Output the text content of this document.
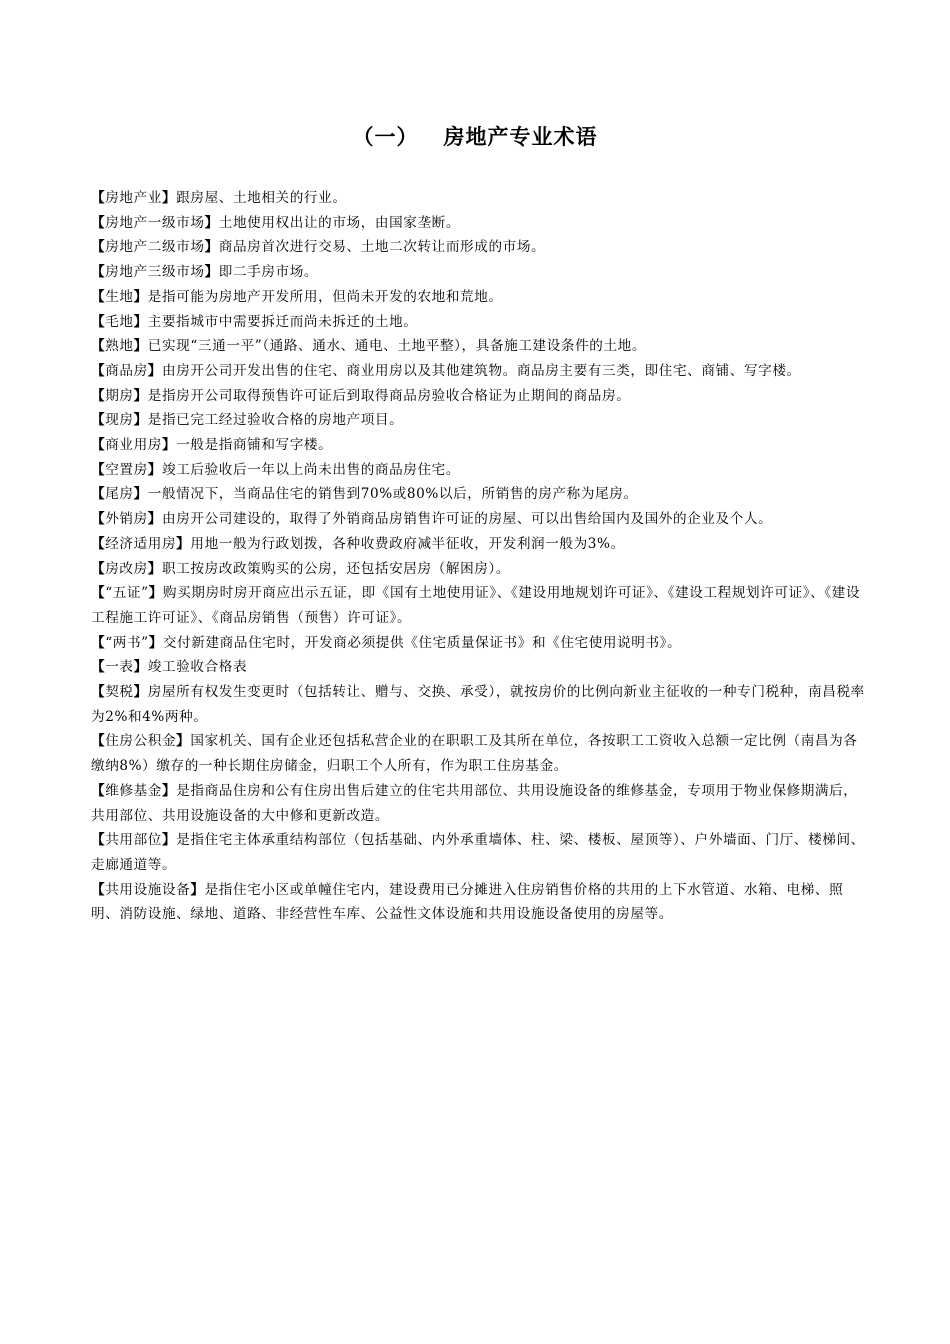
（一）   房地产专业术语

【房地产业】跟房屋、土地相关的行业。

【房地产一级市场】土地使用权出让的市场，由国家垄断。

【房地产二级市场】商品房首次进行交易、土地二次转让而形成的市场。

【房地产三级市场】即二手房市场。

【生地】是指可能为房地产开发所用，但尚未开发的农地和荒地。

【毛地】主要指城市中需要拆迁而尚未拆迁的土地。

【熟地】已实现“三通一平”（通路、通水、通电、土地平整），具备施工建设条件的土地。

【商品房】由房开公司开发出售的住宅、商业用房以及其他建筑物。商品房主要有三类，即住宅、商铺、写字楼。

【期房】是指房开公司取得预售许可证后到取得商品房验收合格证为止期间的商品房。

【现房】是指已完工经过验收合格的房地产项目。

【商业用房】一般是指商铺和写字楼。

【空置房】竣工后验收后一年以上尚未出售的商品房住宅。

【尾房】一般情况下，当商品住宅的销售到70%或80%以后，所销售的房产称为尾房。

【外销房】由房开公司建设的，取得了外销商品房销售许可证的房屋、可以出售给国内及国外的企业及个人。

【经济适用房】用地一般为行政划拨，各种收费政府减半征收，开发利润一般为3%。

【房改房】职工按房改政策购买的公房，还包括安居房（解困房）。

【“五证”】购买期房时房开商应出示五证，即《国有土地使用证》、《建设用地规划许可证》、《建设工程规划许可证》、《建设工程施工许可证》、《商品房销售（预售）许可证》。

【“两书”】交付新建商品住宅时，开发商必须提供《住宅质量保证书》和《住宅使用说明书》。

【一表】竣工验收合格表

【契税】房屋所有权发生变更时（包括转让、赠与、交换、承受），就按房价的比例向新业主征收的一种专门税种，南昌税率为2%和4%两种。

【住房公积金】国家机关、国有企业还包括私营企业的在职职工及其所在单位，各按职工工资收入总额一定比例（南昌为各缴纳8%）缴存的一种长期住房储金，归职工个人所有，作为职工住房基金。

【维修基金】是指商品住房和公有住房出售后建立的住宅共用部位、共用设施设备的维修基金，专项用于物业保修期满后，共用部位、共用设施设备的大中修和更新改造。

【共用部位】是指住宅主体承重结构部位（包括基础、内外承重墙体、柱、梁、楼板、屋顶等）、户外墙面、门厅、楼梯间、走廊通道等。

【共用设施设备】是指住宅小区或单幢住宅内，建设费用已分摊进入住房销售价格的共用的上下水管道、水箱、电梯、照明、消防设施、绿地、道路、非经营性车库、公益性文体设施和共用设施设备使用的房屋等。
